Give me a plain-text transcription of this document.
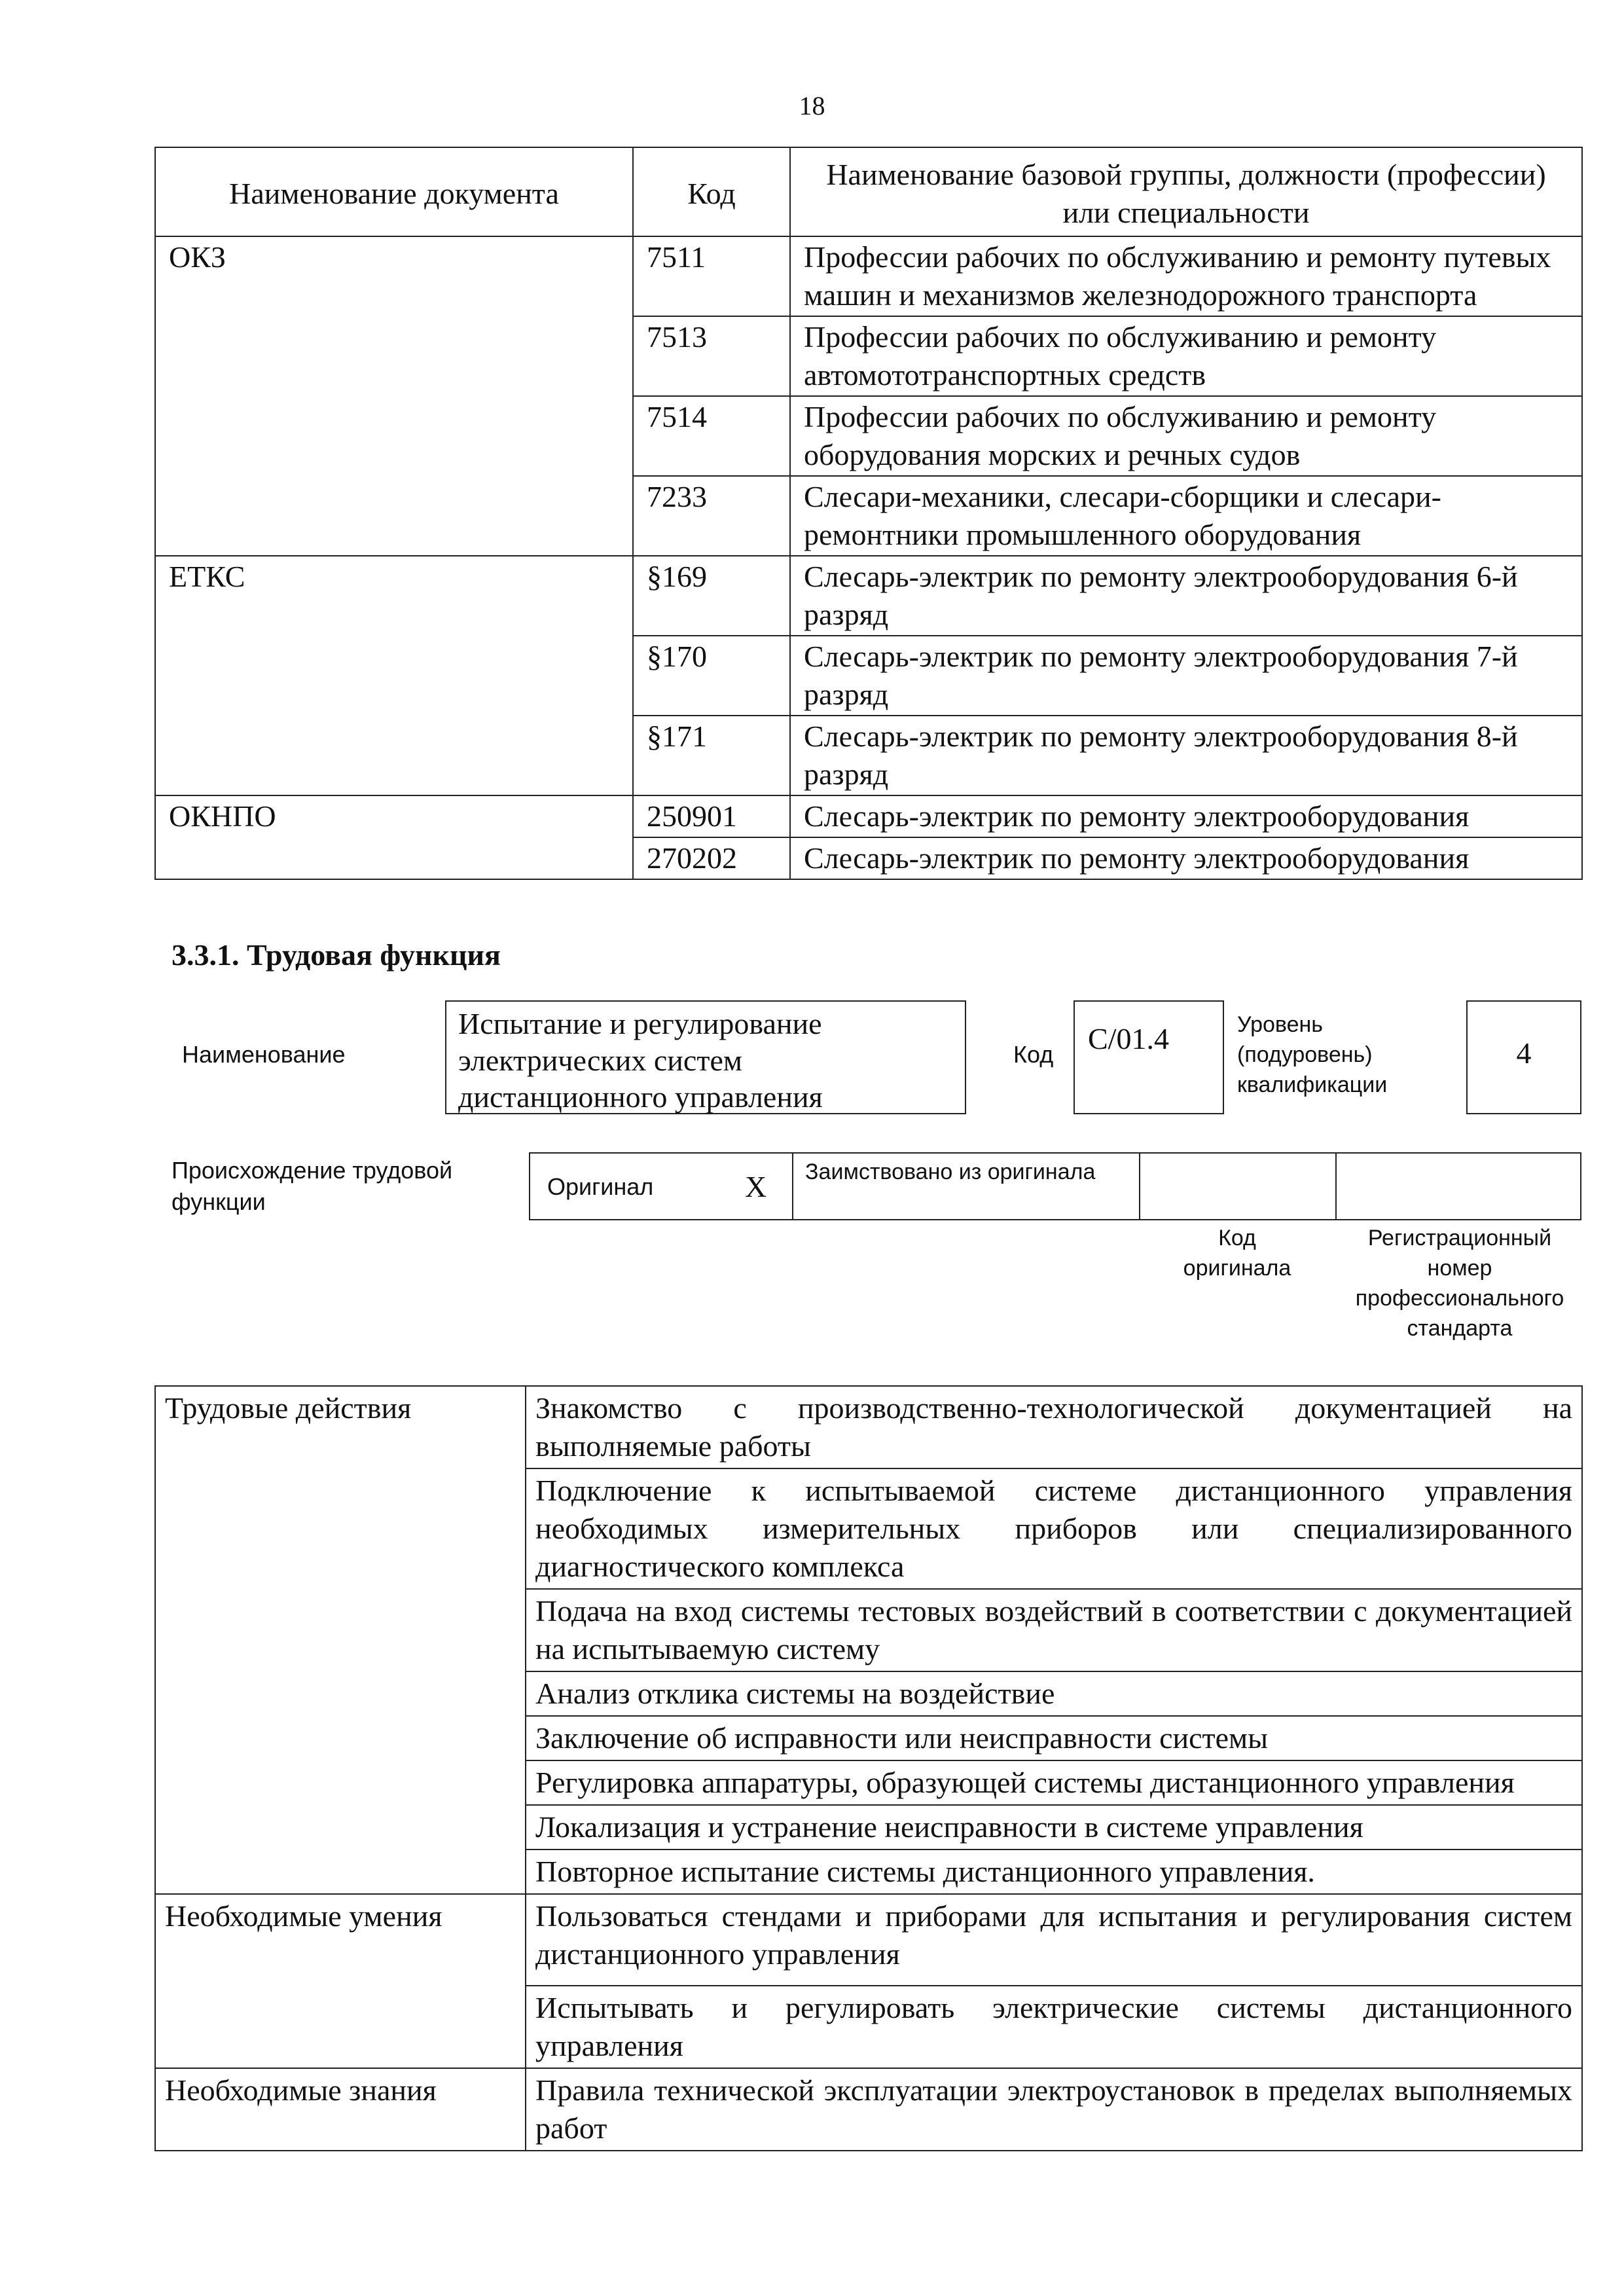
18
Наименование документа	Код	Наименование базовой группы, должности (профессии) или специальности
ОКЗ	7511	Профессии рабочих по обслуживанию и ремонту путевых машин и механизмов железнодорожного транспорта
	7513	Профессии рабочих по обслуживанию и ремонту автомототранспортных средств
	7514	Профессии рабочих по обслуживанию и ремонту оборудования морских и речных судов
	7233	Слесари-механики, слесари-сборщики и слесари-ремонтники промышленного оборудования
ЕТКС	§169	Слесарь-электрик по ремонту электрооборудования 6-й разряд
	§170	Слесарь-электрик по ремонту электрооборудования 7-й разряд
	§171	Слесарь-электрик по ремонту электрооборудования 8-й разряд
ОКНПО	250901	Слесарь-электрик по ремонту электрооборудования
	270202	Слесарь-электрик по ремонту электрооборудования
3.3.1. Трудовая функция
Наименование
Испытание и регулирование электрических систем дистанционного управления
Код	C/01.4	Уровень (подуровень) квалификации
4
Происхождение трудовой функции
Оригинал	X	Заимствовано из оригинала
Код оригинала
Регистрационный номер профессионального стандарта
Трудовые действия	Знакомство с производственно-технологической документацией на выполняемые работы
	Подключение к испытываемой системе дистанционного управления необходимых измерительных приборов или специализированного диагностического комплекса
	Подача на вход системы тестовых воздействий в соответствии с документацией на испытываемую систему
	Анализ отклика системы на воздействие
	Заключение об исправности или неисправности системы
	Регулировка аппаратуры, образующей системы дистанционного управления
	Локализация и устранение неисправности в системе управления
	Повторное испытание системы дистанционного управления.
Необходимые умения	Пользоваться стендами и приборами для испытания и регулирования систем дистанционного управления
	Испытывать и регулировать электрические системы дистанционного управления
Необходимые знания	Правила технической эксплуатации электроустановок в пределах выполняемых работ
